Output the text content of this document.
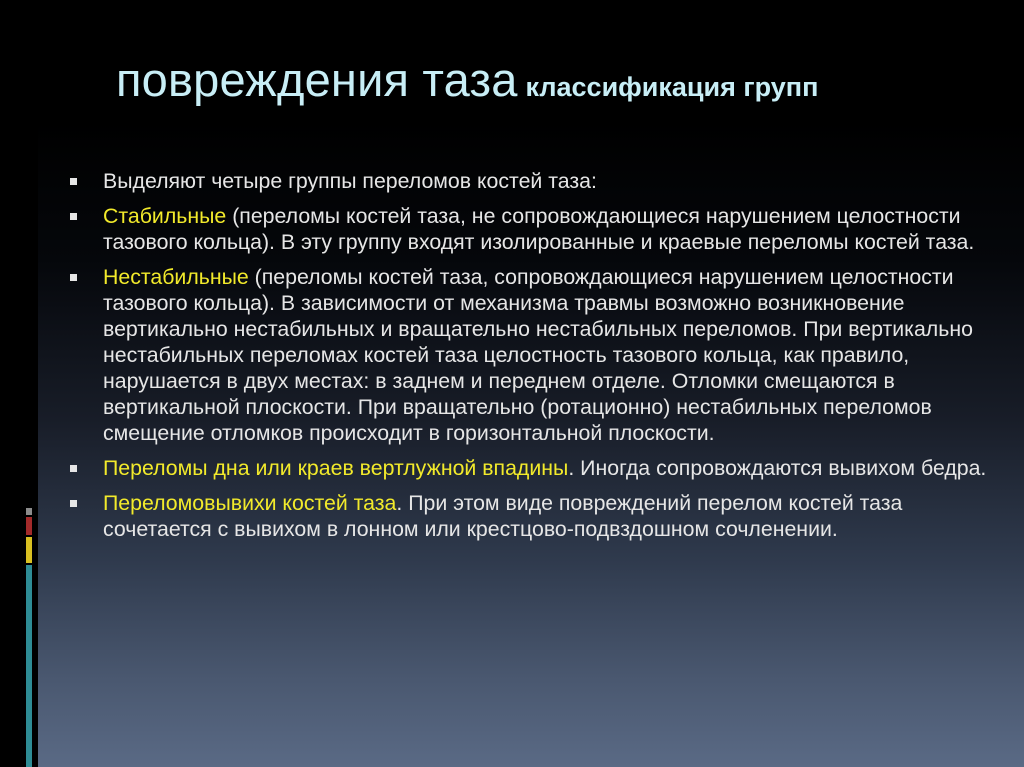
повреждения таза классификация групп
Выделяют четыре группы переломов костей таза:
Стабильные (переломы костей таза, не сопровождающиеся нарушением целостности тазового кольца). В эту группу входят изолированные и краевые переломы костей таза.
Нестабильные (переломы костей таза, сопровождающиеся нарушением целостности тазового кольца). В зависимости от механизма травмы возможно возникновение вертикально нестабильных и вращательно нестабильных переломов. При вертикально нестабильных переломах костей таза целостность тазового кольца, как правило, нарушается в двух местах: в заднем и переднем отделе. Отломки смещаются в вертикальной плоскости. При вращательно (ротационно) нестабильных переломов смещение отломков происходит в горизонтальной плоскости.
Переломы дна или краев вертлужной впадины. Иногда сопровождаются вывихом бедра.
Переломовывихи костей таза. При этом виде повреждений перелом костей таза сочетается с вывихом в лонном или крестцово-подвздошном сочленении.
